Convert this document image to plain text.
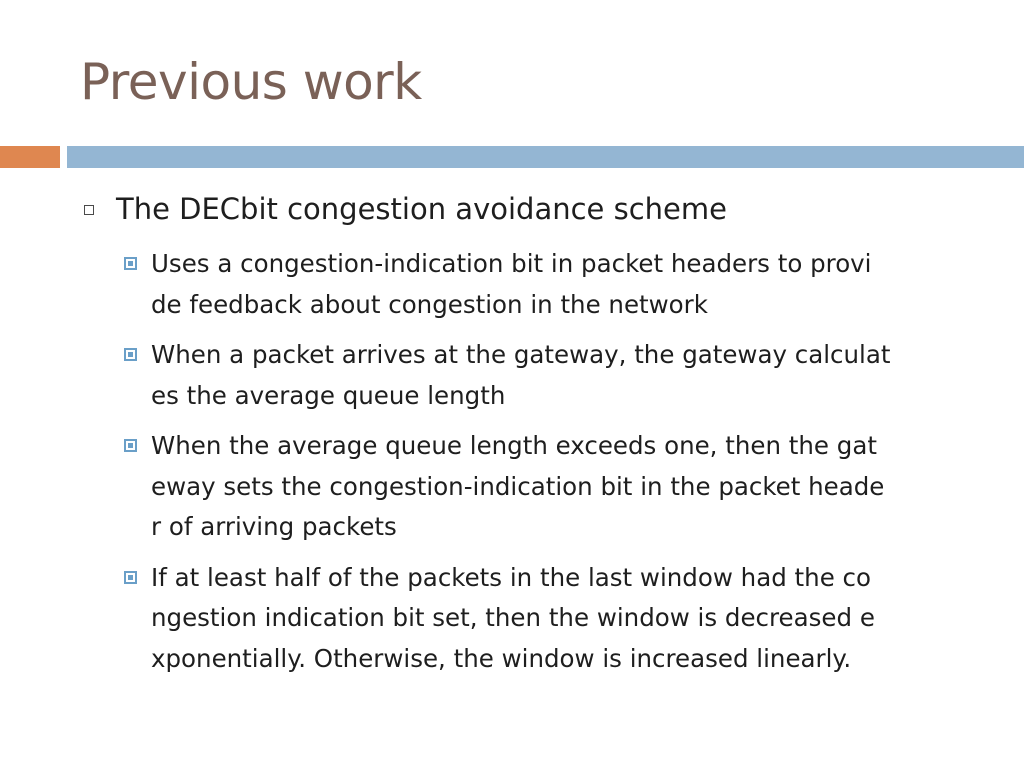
Previous work
The DECbit congestion avoidance scheme
Uses a congestion-indication bit in packet headers to provi
de feedback about congestion in the network
When a packet arrives at the gateway, the gateway calculat
es the average queue length
When the average queue length exceeds one, then the gat
eway sets the congestion-indication bit in the packet heade
r of arriving packets
If at least half of the packets in the last window had the co
ngestion indication bit set, then the window is decreased e
xponentially. Otherwise, the window is increased linearly.
